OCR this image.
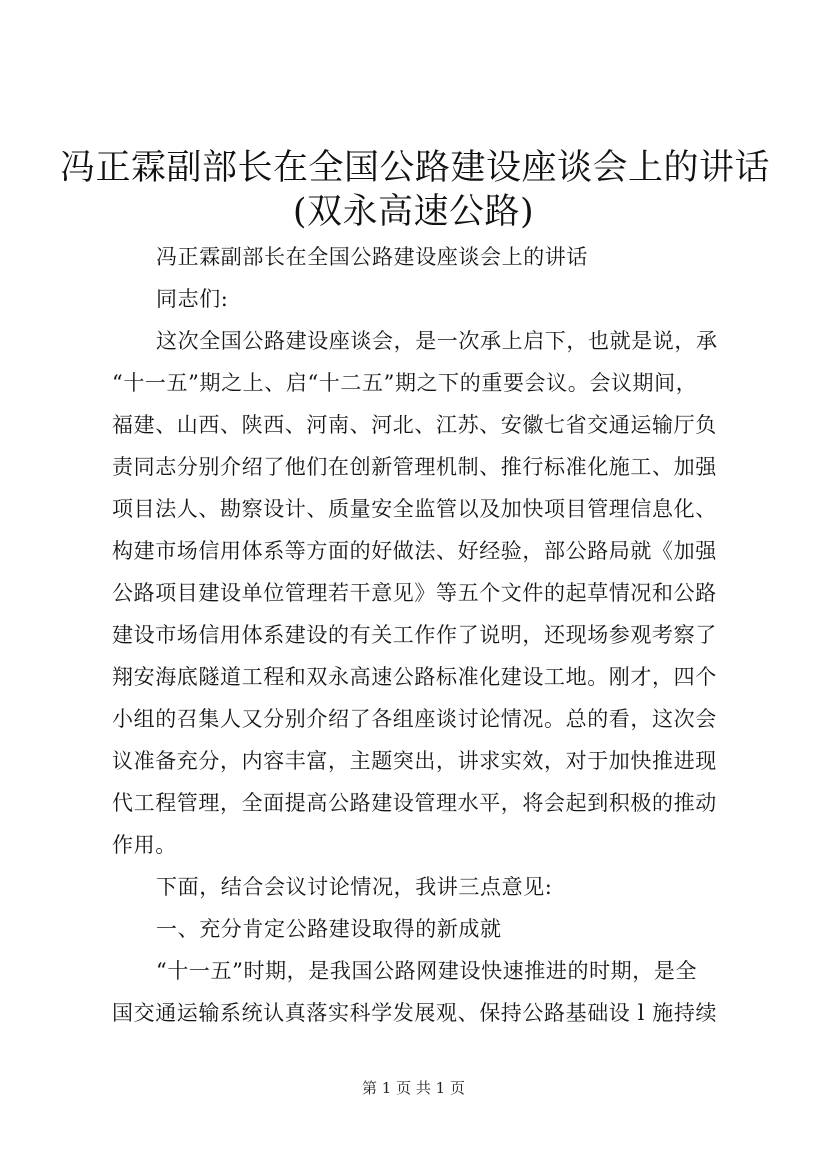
冯正霖副部长在全国公路建设座谈会上的讲话
(双永高速公路)
冯正霖副部长在全国公路建设座谈会上的讲话
同志们:
这次全国公路建设座谈会，是一次承上启下，也就是说，承
“十一五”期之上、启“十二五”期之下的重要会议。会议期间，
福建、山西、陕西、河南、河北、江苏、安徽七省交通运输厅负
责同志分别介绍了他们在创新管理机制、推行标准化施工、加强
项目法人、勘察设计、质量安全监管以及加快项目管理信息化、
构建市场信用体系等方面的好做法、好经验，部公路局就《加强
公路项目建设单位管理若干意见》等五个文件的起草情况和公路
建设市场信用体系建设的有关工作作了说明，还现场参观考察了
翔安海底隧道工程和双永高速公路标准化建设工地。刚才，四个
小组的召集人又分别介绍了各组座谈讨论情况。总的看，这次会
议准备充分，内容丰富，主题突出，讲求实效，对于加快推进现
代工程管理，全面提高公路建设管理水平，将会起到积极的推动
作用。
下面，结合会议讨论情况，我讲三点意见:
一、充分肯定公路建设取得的新成就
“十一五”时期，是我国公路网建设快速推进的时期，是全
国交通运输系统认真落实科学发展观、保持公路基础设 l 施持续
第 1 页 共 1 页
